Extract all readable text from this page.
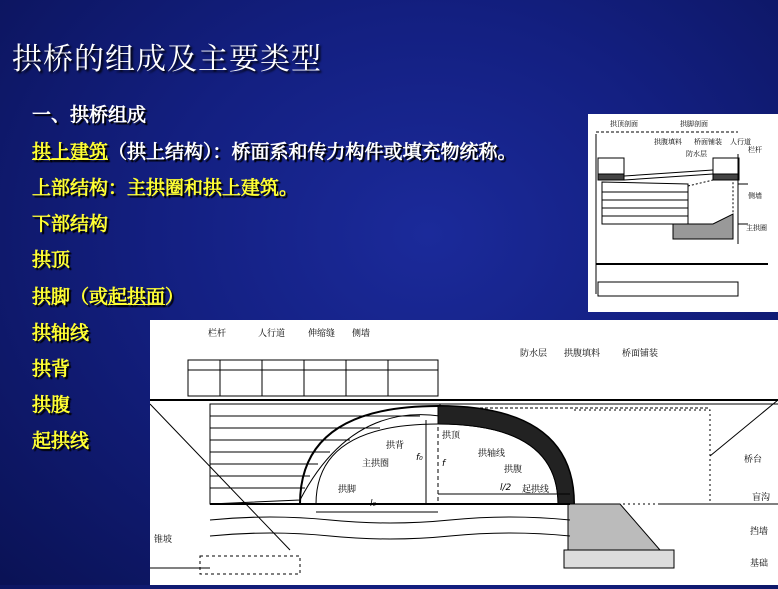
拱桥的组成及主要类型
一、拱桥组成
拱上建筑（拱上结构）：桥面系和传力构件或填充物统称。
上部结构：主拱圈和拱上建筑。
下部结构
拱顶
拱脚（或起拱面）
拱轴线
拱背
拱腹
起拱线
拱顶剖面	拱脚剖面
拱腹填料 桥面铺装 人行道
防水层	栏杆
侧墙
主拱圈
栏杆	人行道	伸缩缝 侧墙
防水层 拱腹填料 桥面铺装
拱背
主拱圈
拱顶
拱轴线
拱腹
拱脚	起拱线
桥台
盲沟
挡墙
基础
锥坡
f₀
f
l₀
l/2
